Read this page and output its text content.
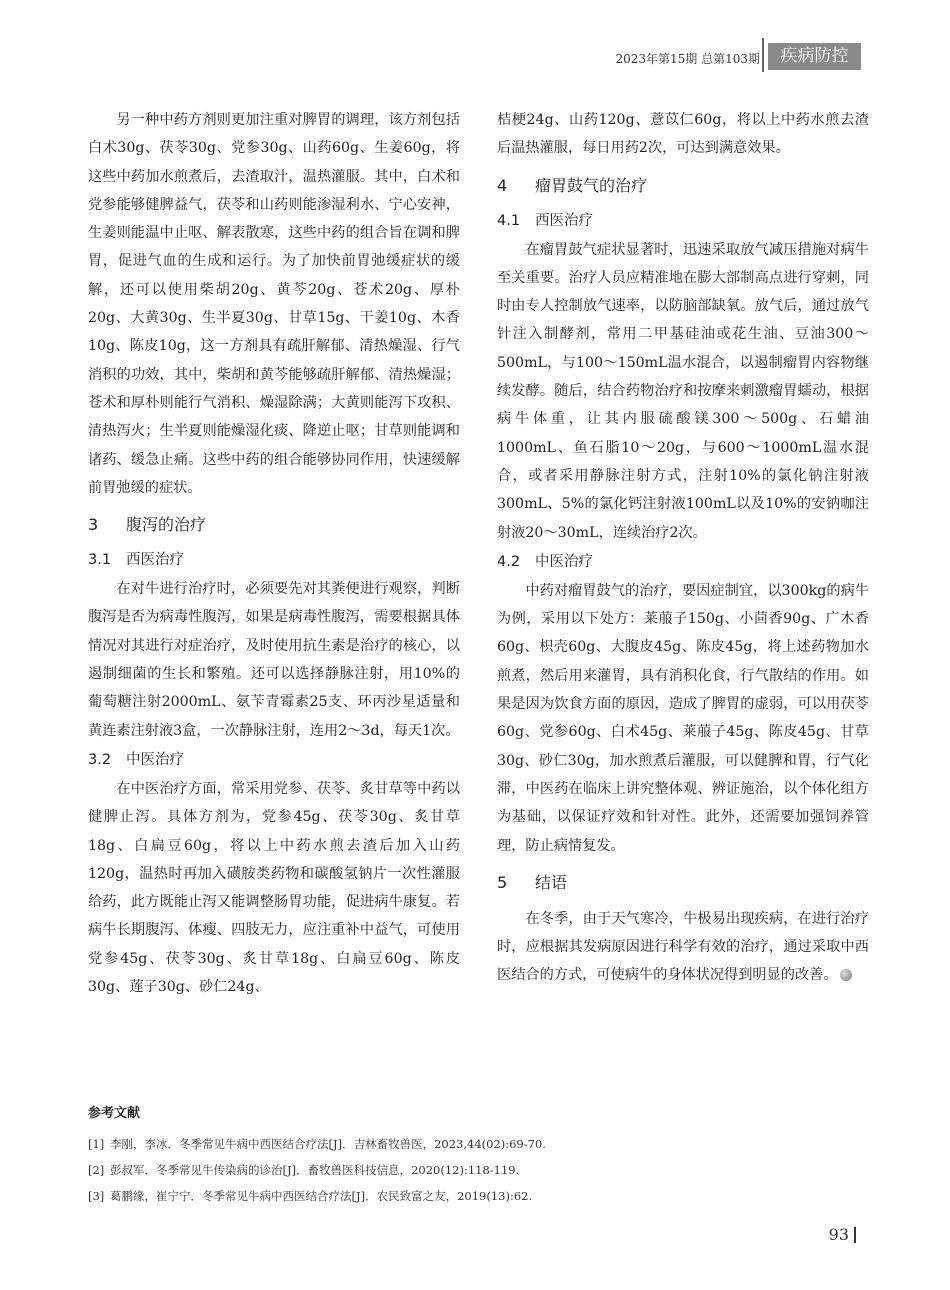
2023年第15期 总第103期	疾病防控

另一种中药方剂则更加注重对脾胃的调理，该方剂包括白术30g、茯苓30g、党参30g、山药60g、生姜60g，将这些中药加水煎煮后，去渣取汁，温热灌服。其中，白术和党参能够健脾益气，茯苓和山药则能渗湿利水、宁心安神，生姜则能温中止呕、解表散寒，这些中药的组合旨在调和脾胃，促进气血的生成和运行。为了加快前胃弛缓症状的缓解，还可以使用柴胡20g、黄芩20g、苍术20g、厚朴20g、大黄30g、生半夏30g、甘草15g、干姜10g、木香10g、陈皮10g，这一方剂具有疏肝解郁、清热燥湿、行气消积的功效，其中，柴胡和黄芩能够疏肝解郁、清热燥湿；苍术和厚朴则能行气消积、燥湿除满；大黄则能泻下攻积、清热泻火；生半夏则能燥湿化痰、降逆止呕；甘草则能调和诸药、缓急止痛。这些中药的组合能够协同作用，快速缓解前胃弛缓的症状。

3 腹泻的治疗
3.1 西医治疗

在对牛进行治疗时，必须要先对其粪便进行观察，判断腹泻是否为病毒性腹泻，如果是病毒性腹泻，需要根据具体情况对其进行对症治疗，及时使用抗生素是治疗的核心，以遏制细菌的生长和繁殖。还可以选择静脉注射，用10%的葡萄糖注射2000mL、氨苄青霉素25支、环丙沙星适量和黄连素注射液3盒，一次静脉注射，连用2～3d，每天1次。

3.2 中医治疗

在中医治疗方面，常采用党参、茯苓、炙甘草等中药以健脾止泻。具体方剂为，党参45g、茯苓30g、炙甘草18g、白扁豆60g，将以上中药水煎去渣后加入山药120g，温热时再加入磺胺类药物和碳酸氢钠片一次性灌服给药，此方既能止泻又能调整肠胃功能，促进病牛康复。若病牛长期腹泻、体瘦、四肢无力，应注重补中益气，可使用党参45g、茯苓30g、炙甘草18g、白扁豆60g、陈皮30g、莲子30g、砂仁24g、

桔梗24g、山药120g、薏苡仁60g，将以上中药水煎去渣后温热灌服，每日用药2次，可达到满意效果。

4 瘤胃鼓气的治疗
4.1 西医治疗

在瘤胃鼓气症状显著时，迅速采取放气减压措施对病牛至关重要。治疗人员应精准地在膨大部制高点进行穿刺，同时由专人控制放气速率，以防脑部缺氧。放气后，通过放气针注入制酵剂，常用二甲基硅油或花生油、豆油300～500mL，与100～150mL温水混合，以遏制瘤胃内容物继续发酵。随后，结合药物治疗和按摩来刺激瘤胃蠕动，根据病牛体重，让其内服硫酸镁300～500g、石蜡油1000mL、鱼石脂10～20g，与600～1000mL温水混合，或者采用静脉注射方式，注射10%的氯化钠注射液300mL、5%的氯化钙注射液100mL以及10%的安钠咖注射液20～30mL，连续治疗2次。

4.2 中医治疗

中药对瘤胃鼓气的治疗，要因症制宜，以300kg的病牛为例，采用以下处方：莱菔子150g、小茴香90g、广木香60g、枳壳60g、大腹皮45g、陈皮45g，将上述药物加水煎煮，然后用来灌胃，具有消积化食，行气散结的作用。如果是因为饮食方面的原因，造成了脾胃的虚弱，可以用茯苓60g、党参60g、白术45g、莱菔子45g、陈皮45g、甘草30g、砂仁30g，加水煎煮后灌服，可以健脾和胃，行气化滞，中医药在临床上讲究整体观、辨证施治，以个体化组方为基础，以保证疗效和针对性。此外，还需要加强饲养管理，防止病情复发。

5 结语

在冬季，由于天气寒冷，牛极易出现疾病，在进行治疗时，应根据其发病原因进行科学有效的治疗，通过采取中西医结合的方式，可使病牛的身体状况得到明显的改善。

参考文献
[1] 李刚，李冰．冬季常见牛病中西医结合疗法[J]．吉林畜牧兽医，2023,44(02):69-70.
[2] 彭叔军．冬季常见牛传染病的诊治[J]．畜牧兽医科技信息，2020(12):118-119.
[3] 葛鹏缘，崔宁宁．冬季常见牛病中西医结合疗法[J]．农民致富之友，2019(13):62.
93
